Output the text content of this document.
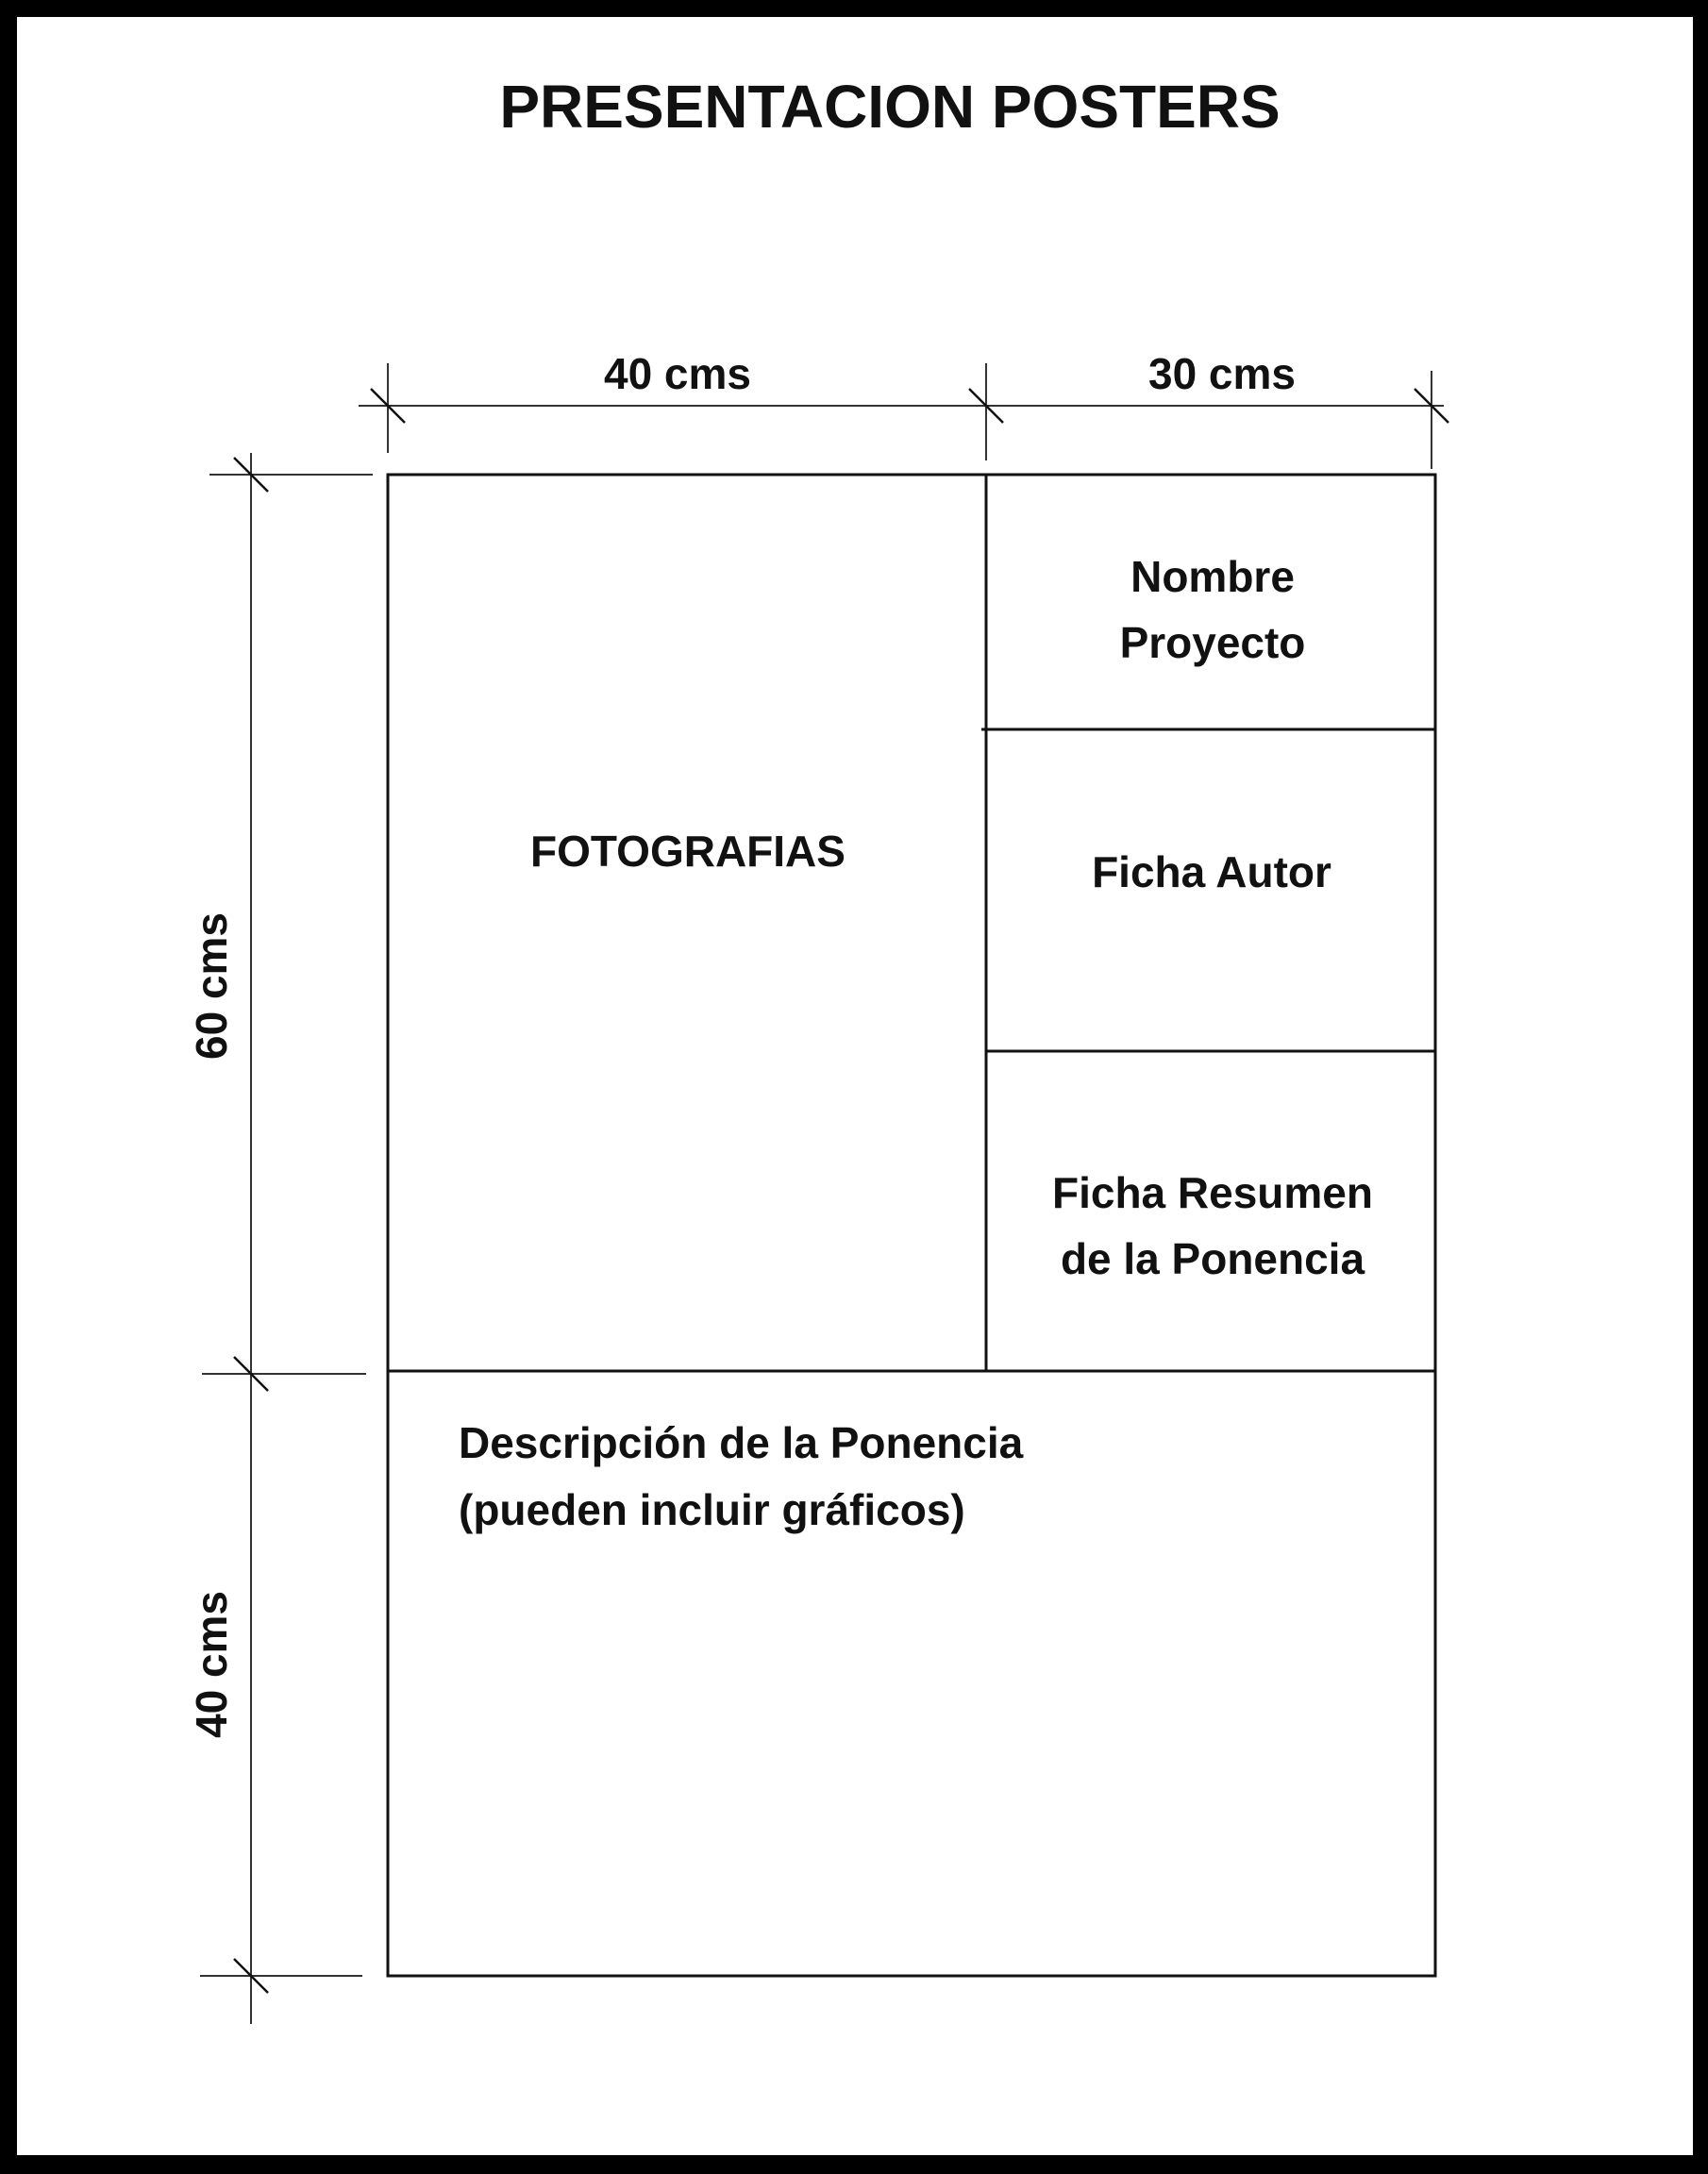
PRESENTACION POSTERS
40 cms	30 cms
60 cms
40 cms
FOTOGRAFIAS
Nombre
Proyecto
Ficha Autor
Ficha Resumen
de la Ponencia
Descripción de la Ponencia
(pueden incluir gráficos)
